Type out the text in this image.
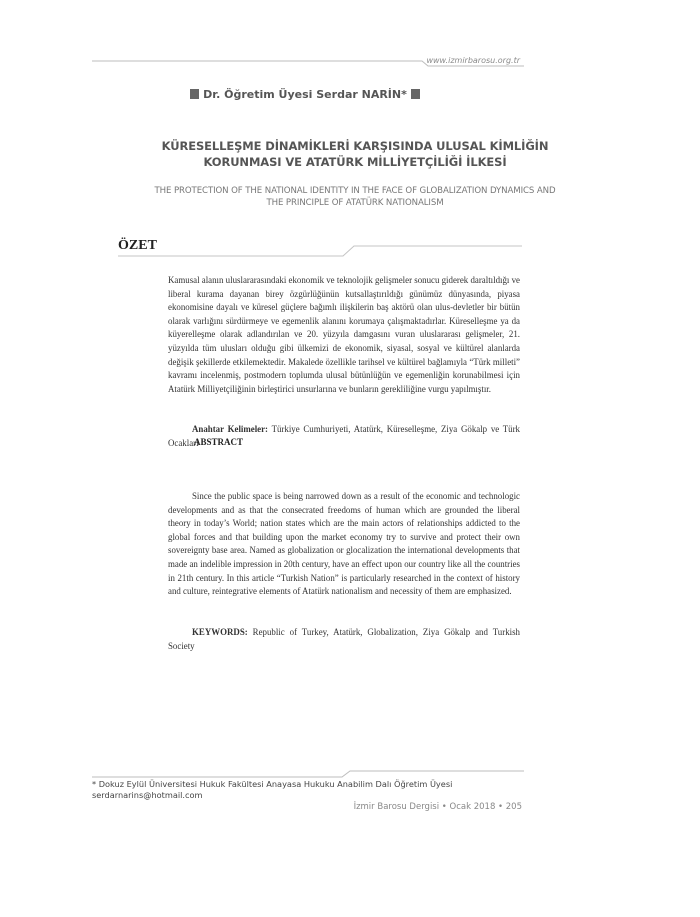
www.izmirbarosu.org.tr
Dr. Öğretim Üyesi Serdar NARİN*
KÜRESELLEŞME DİNAMİKLERİ KARŞISINDA ULUSAL KİMLİĞİN
KORUNMASI VE ATATÜRK MİLLİYETÇİLİĞİ İLKESİ
THE PROTECTION OF THE NATIONAL IDENTITY IN THE FACE OF GLOBALIZATION DYNAMICS AND
THE PRINCIPLE OF ATATÜRK NATIONALISM
ÖZET
Kamusal alanın uluslararasındaki ekonomik ve teknolojik gelişmeler sonucu giderek daraltıldığı ve liberal kurama dayanan birey özgürlüğünün kutsallaştırıldığı günümüz dünyasında, piyasa ekonomisine dayalı ve küresel güçlere bağımlı ilişkilerin baş aktörü olan ulus-devletler bir bütün olarak varlığını sürdürmeye ve egemenlik alanını korumaya çalışmaktadırlar. Küreselleşme ya da küyerelleşme olarak adlandırılan ve 20. yüzyıla damgasını vuran uluslararası gelişmeler, 21. yüzyılda tüm ulusları olduğu gibi ülkemizi de ekonomik, siyasal, sosyal ve kültürel alanlarda değişik şekillerde etkilemektedir. Makalede özellikle tarihsel ve kültürel bağlamıyla “Türk milleti” kavramı incelenmiş, postmodern toplumda ulusal bütünlüğün ve egemenliğin korunabilmesi için Atatürk Milliyetçiliğinin birleştirici unsurlarına ve bunların gerekliliğine vurgu yapılmıştır.
Anahtar Kelimeler: Türkiye Cumhuriyeti, Atatürk, Küreselleşme, Ziya Gökalp ve Türk Ocakları
ABSTRACT
Since the public space is being narrowed down as a result of the economic and technologic developments and as that the consecrated freedoms of human which are grounded the liberal theory in today’s World; nation states which are the main actors of relationships addicted to the global forces and that building upon the market economy try to survive and protect their own sovereignty base area. Named as globalization or glocalization the international developments that made an indelible impression in 20th century, have an effect upon our country like all the countries in 21th century. In this article “Turkish Nation” is particularly researched in the context of history and culture, reintegrative elements of Atatürk nationalism and necessity of them are emphasized.
KEYWORDS: Republic of Turkey, Atatürk, Globalization, Ziya Gökalp and Turkish Society
* Dokuz Eylül Üniversitesi Hukuk Fakültesi Anayasa Hukuku Anabilim Dalı Öğretim Üyesi
serdarnarins@hotmail.com
İzmir Barosu Dergisi • Ocak 2018 • 205
